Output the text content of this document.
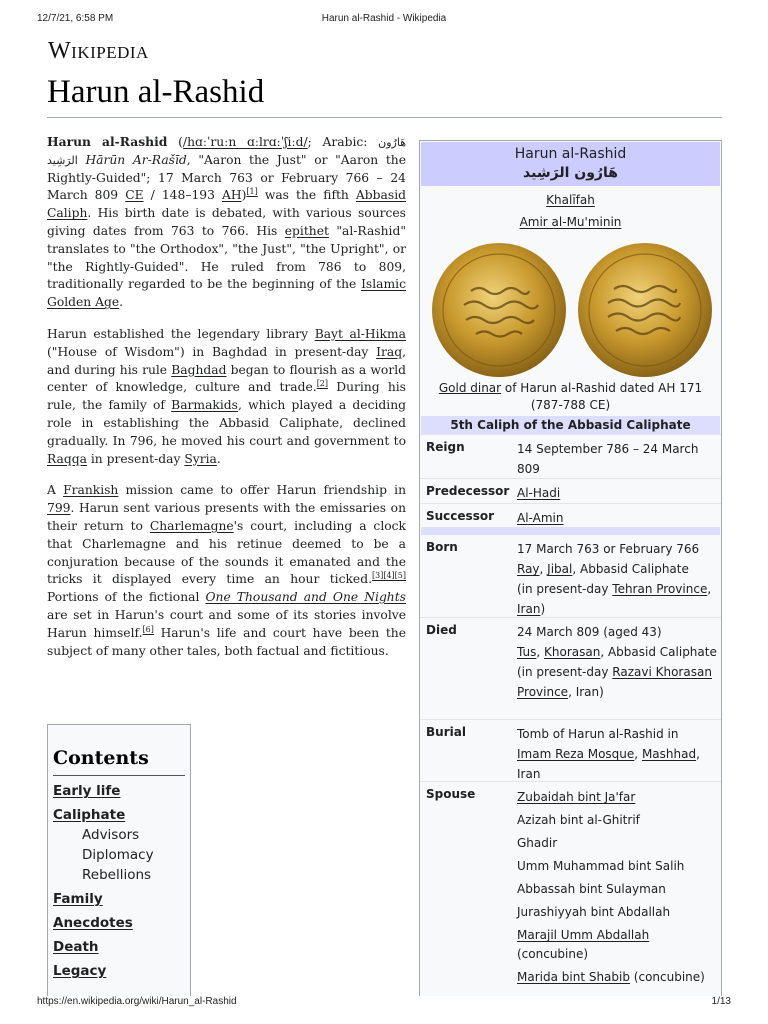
12/7/21, 6:58 PM	Harun al-Rashid - Wikipedia
Wikipedia
Harun al-Rashid

Harun al-Rashid (/hɑːˈruːn ɑːlrɑːˈʃiːd/; Arabic: هَارُون الرَشِيد Hārūn Ar-Rašīd, "Aaron the Just" or "Aaron the Rightly-Guided"; 17 March 763 or February 766 – 24 March 809 CE / 148–193 AH)[1] was the fifth Abbasid Caliph. His birth date is debated, with various sources giving dates from 763 to 766. His epithet "al-Rashid" translates to "the Orthodox", "the Just", "the Upright", or "the Rightly-Guided". He ruled from 786 to 809, traditionally regarded to be the beginning of the Islamic Golden Age.

Harun established the legendary library Bayt al-Hikma ("House of Wisdom") in Baghdad in present-day Iraq, and during his rule Baghdad began to flourish as a world center of knowledge, culture and trade.[2] During his rule, the family of Barmakids, which played a deciding role in establishing the Abbasid Caliphate, declined gradually. In 796, he moved his court and government to Raqqa in present-day Syria.

A Frankish mission came to offer Harun friendship in 799. Harun sent various presents with the emissaries on their return to Charlemagne's court, including a clock that Charlemagne and his retinue deemed to be a conjuration because of the sounds it emanated and the tricks it displayed every time an hour ticked.[3][4][5] Portions of the fictional One Thousand and One Nights are set in Harun's court and some of its stories involve Harun himself.[6] Harun's life and court have been the subject of many other tales, both factual and fictitious.

Contents
Early life
Caliphate
Advisors
Diplomacy
Rebellions
Family
Anecdotes
Death
Legacy
Harun al-Rashid
هَارُون الرَشِيد
Khalīfah
Amir al-Mu'minin
Gold dinar of Harun al-Rashid dated AH 171 (787-788 CE)
5th Caliph of the Abbasid Caliphate
Reign	14 September 786 – 24 March 809
Predecessor Al-Hadi
Successor Al-Amin
Born	17 March 763 or February 766
Ray, Jibal, Abbasid Caliphate
(in present-day Tehran Province,
Iran)
Died	24 March 809 (aged 43)
Tus, Khorasan, Abbasid Caliphate
(in present-day Razavi Khorasan Province, Iran)
Burial	Tomb of Harun al-Rashid in
Imam Reza Mosque, Mashhad,
Iran
Spouse	Zubaidah bint Ja'far
Azizah bint al-Ghitrif
Ghadir
Umm Muhammad bint Salih
Abbassah bint Sulayman
Jurashiyyah bint Abdallah
Marajil Umm Abdallah
(concubine)
Marida bint Shabib (concubine)
https://en.wikipedia.org/wiki/Harun_al-Rashid	1/13
